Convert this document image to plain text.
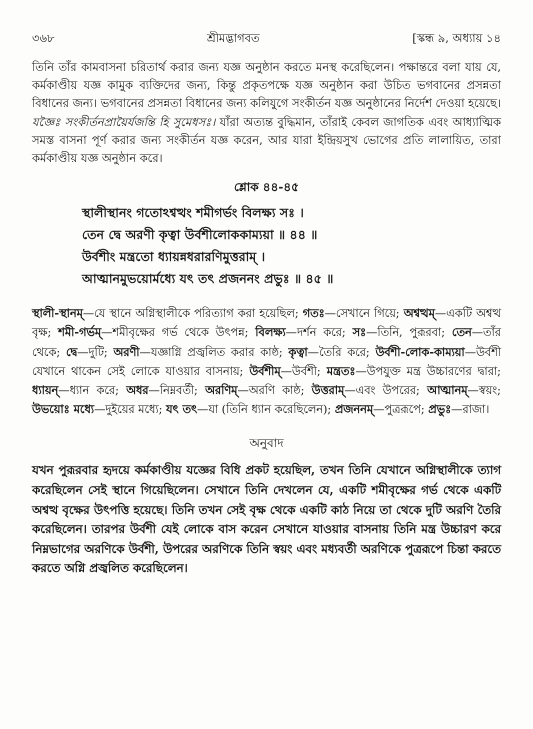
৩৬৮	শ্রীমদ্ভাগবত	[স্কন্ধ ৯, অধ্যায় ১৪

তিনি তাঁর কামবাসনা চরিতার্থ করার জন্য যজ্ঞ অনুষ্ঠান করতে মনস্থ করেছিলেন। পক্ষান্তরে বলা যায় যে, কর্মকাণ্ডীয় যজ্ঞ কামুক ব্যক্তিদের জন্য, কিন্তু প্রকৃতপক্ষে যজ্ঞ অনুষ্ঠান করা উচিত ভগবানের প্রসন্নতা বিধানের জন্য। ভগবানের প্রসন্নতা বিধানের জন্য কলিযুগে সংকীর্তন যজ্ঞ অনুষ্ঠানের নির্দেশ দেওয়া হয়েছে। যজ্ঞৈঃ সংকীর্তনপ্রায়ৈর্যজন্তি হি সুমেধসঃ। যাঁরা অত্যন্ত বুদ্ধিমান, তাঁরাই কেবল জাগতিক এবং আধ্যাত্মিক সমস্ত বাসনা পূর্ণ করার জন্য সংকীর্তন যজ্ঞ করেন, আর যারা ইন্দ্রিয়সুখ ভোগের প্রতি লালায়িত, তারা কর্মকাণ্ডীয় যজ্ঞ অনুষ্ঠান করে।

শ্লোক ৪৪-৪৫
স্থালীস্থানং গতোঽশ্বত্থং শমীগর্ভং বিলক্ষ্য সঃ ।
তেন দ্বে অরণী কৃত্বা উর্বশীলোককাম্যয়া ॥ ৪৪ ॥
উর্বশীং মন্ত্রতো ধ্যায়ন্নধরারণিমুত্তরাম্ ।
আত্মানমুভয়োর্মধ্যে যৎ তৎ প্রজননং প্রভুঃ ॥ ৪৫ ॥
স্থালী-স্থানম্—যে স্থানে অগ্নিস্থালীকে পরিত্যাগ করা হয়েছিল; গতঃ—সেখানে গিয়ে; অশ্বত্থম্—একটি অশ্বত্থ বৃক্ষ; শমী-গর্ভম্—শমীবৃক্ষের গর্ভ থেকে উৎপন্ন; বিলক্ষ্য—দর্শন করে; সঃ—তিনি, পুরূরবা; তেন—তাঁর থেকে; দ্বে—দুটি; অরণী—যজ্ঞাগ্নি প্রজ্বলিত করার কাষ্ঠ; কৃত্বা—তৈরি করে; উর্বশী-লোক-কাম্যয়া—উর্বশী যেখানে থাকেন সেই লোকে যাওয়ার বাসনায়; উর্বশীম্—উর্বশী; মন্ত্রতঃ—উপযুক্ত মন্ত্র উচ্চারণের দ্বারা; ধ্যায়ন্—ধ্যান করে; অধর—নিম্নবর্তী; অরণিম্—অরণি কাষ্ঠ; উত্তরাম্—এবং উপরের; আত্মানম্—স্বয়ং; উভয়োঃ মধ্যে—দুইয়ের মধ্যে; যৎ তৎ—যা (তিনি ধ্যান করেছিলেন); প্রজননম্—পুত্ররূপে; প্রভুঃ—রাজা।
অনুবাদ

যখন পুরূরবার হৃদয়ে কর্মকাণ্ডীয় যজ্ঞের বিধি প্রকট হয়েছিল, তখন তিনি যেখানে অগ্নিস্থালীকে ত্যাগ করেছিলেন সেই স্থানে গিয়েছিলেন। সেখানে তিনি দেখলেন যে, একটি শমীবৃক্ষের গর্ভ থেকে একটি অশ্বত্থ বৃক্ষের উৎপত্তি হয়েছে। তিনি তখন সেই বৃক্ষ থেকে একটি কাঠ নিয়ে তা থেকে দুটি অরণি তৈরি করেছিলেন। তারপর উর্বশী যেই লোকে বাস করেন সেখানে যাওয়ার বাসনায় তিনি মন্ত্র উচ্চারণ করে নিম্নভাগের অরণিকে উর্বশী, উপরের অরণিকে তিনি স্বয়ং এবং মধ্যবর্তী অরণিকে পুত্ররূপে চিন্তা করতে করতে অগ্নি প্রজ্বলিত করেছিলেন।
